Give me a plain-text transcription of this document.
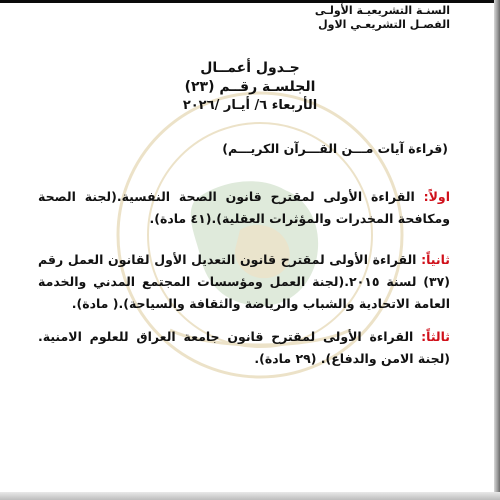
السنـة التشريعيـة الأولـى
الفصـل التشريعـي الاول
جـدول أعمــال
الجلسـة رقــم (٢٣)
الأربعاء ٦/ أيـار /٢٠٢٦
(قراءة آيات مـــن القـــرآن الكريـــم)
اولاً: القراءة الأولى لمقترح قانون الصحة النفسية.(لجنة الصحة ومكافحة المخدرات والمؤثرات العقلية).(٤١ مادة).
ثانياً: القراءة الأولى لمقترح قانون التعديل الأول لقانون العمل رقم (٣٧) لسنة ٢٠١٥.(لجنة العمل ومؤسسات المجتمع المدني والخدمة العامة الاتحادية والشباب والرياضة والثقافة والسياحة).( مادة).
ثالثاً: القراءة الأولى لمقترح قانون جامعة العراق للعلوم الامنية.(لجنة الامن والدفاع). (٢٩ مادة).
